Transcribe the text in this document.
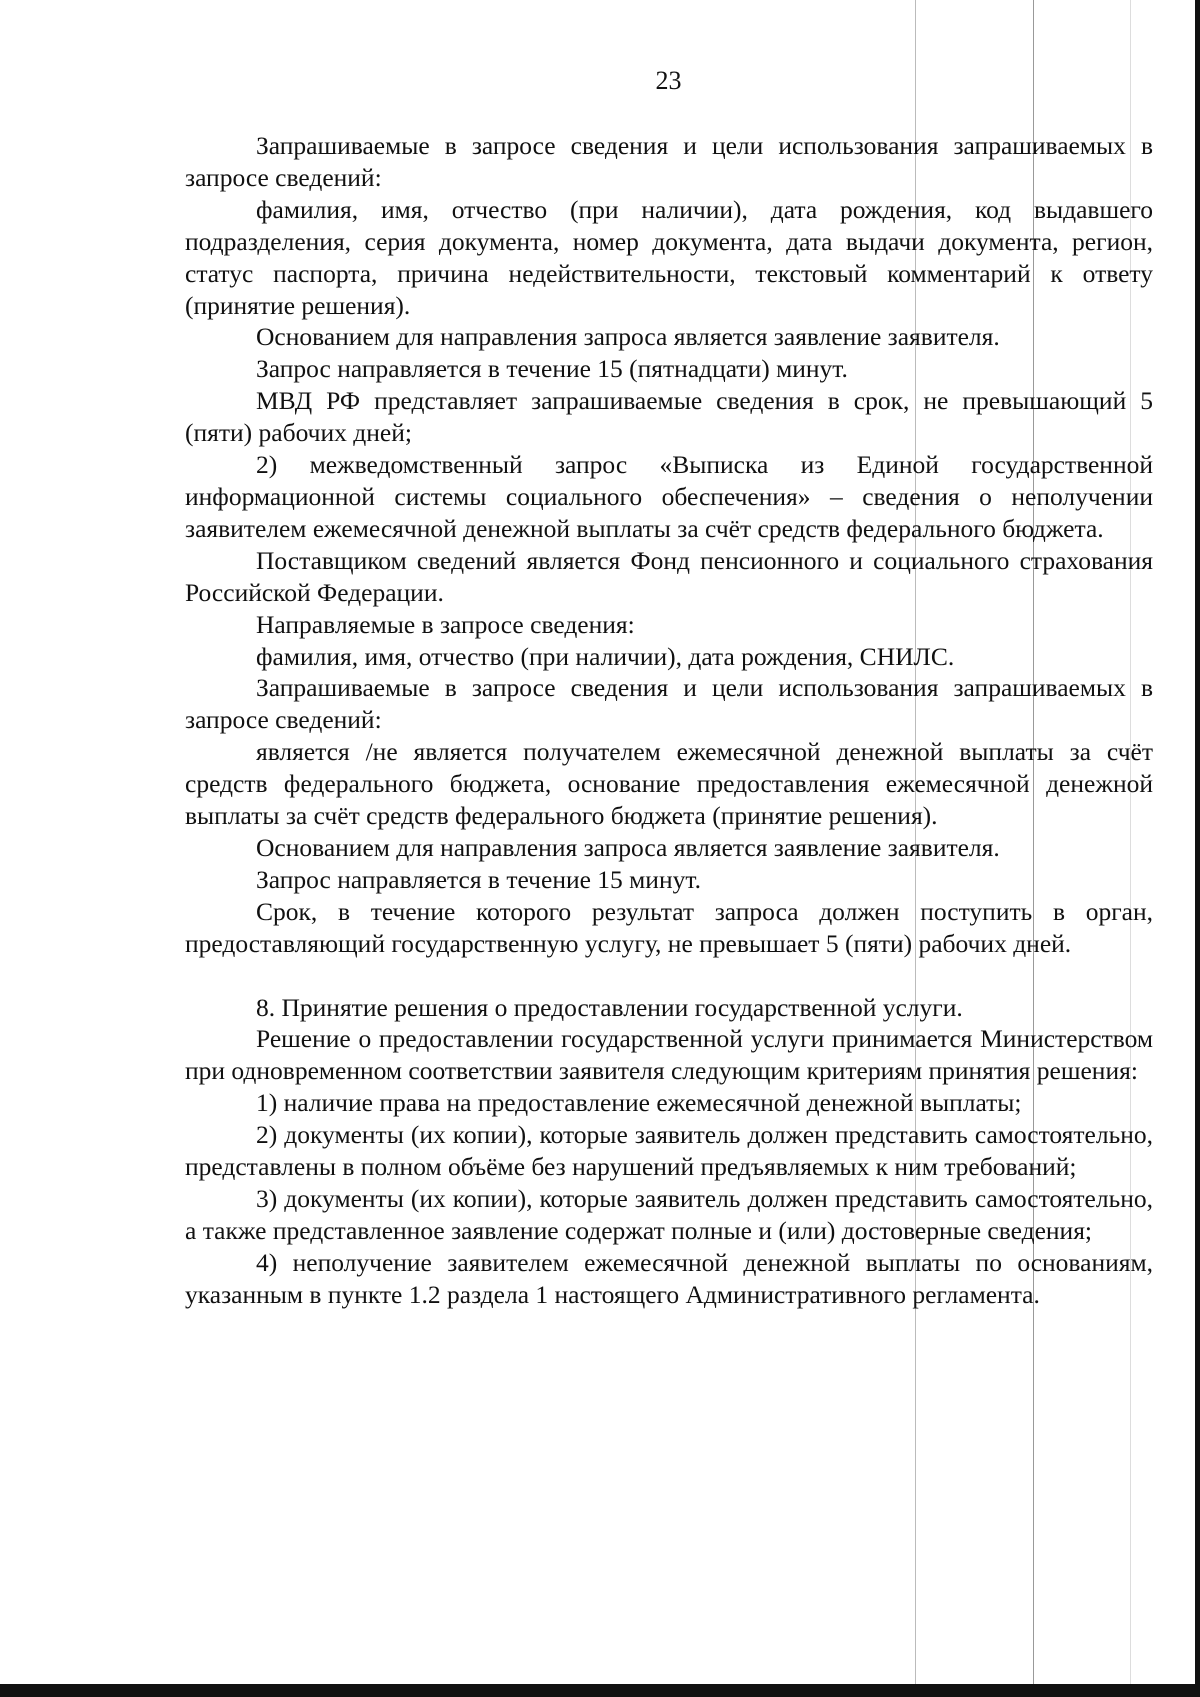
23

Запрашиваемые в запросе сведения и цели использования запрашиваемых в запросе сведений:

фамилия, имя, отчество (при наличии), дата рождения, код выдавшего подразделения, серия документа, номер документа, дата выдачи документа, регион, статус паспорта, причина недействительности, текстовый комментарий к ответу (принятие решения).

Основанием для направления запроса является заявление заявителя.

Запрос направляется в течение 15 (пятнадцати) минут.

МВД РФ представляет запрашиваемые сведения в срок, не превышающий 5 (пяти) рабочих дней;

2) межведомственный запрос «Выписка из Единой государственной информационной системы социального обеспечения» – сведения о неполучении заявителем ежемесячной денежной выплаты за счёт средств федерального бюджета.

Поставщиком сведений является Фонд пенсионного и социального страхования Российской Федерации.

Направляемые в запросе сведения:

фамилия, имя, отчество (при наличии), дата рождения, СНИЛС.

Запрашиваемые в запросе сведения и цели использования запрашиваемых в запросе сведений:

является /не является получателем ежемесячной денежной выплаты за счёт средств федерального бюджета, основание предоставления ежемесячной денежной выплаты за счёт средств федерального бюджета (принятие решения).

Основанием для направления запроса является заявление заявителя.

Запрос направляется в течение 15 минут.

Срок, в течение которого результат запроса должен поступить в орган, предоставляющий государственную услугу, не превышает 5 (пяти) рабочих дней.

8. Принятие решения о предоставлении государственной услуги.

Решение о предоставлении государственной услуги принимается Министерством при одновременном соответствии заявителя следующим критериям принятия решения:

1) наличие права на предоставление ежемесячной денежной выплаты;

2) документы (их копии), которые заявитель должен представить самостоятельно, представлены в полном объёме без нарушений предъявляемых к ним требований;

3) документы (их копии), которые заявитель должен представить самостоятельно, а также представленное заявление содержат полные и (или) достоверные сведения;

4) неполучение заявителем ежемесячной денежной выплаты по основаниям, указанным в пункте 1.2 раздела 1 настоящего Административного регламента.
